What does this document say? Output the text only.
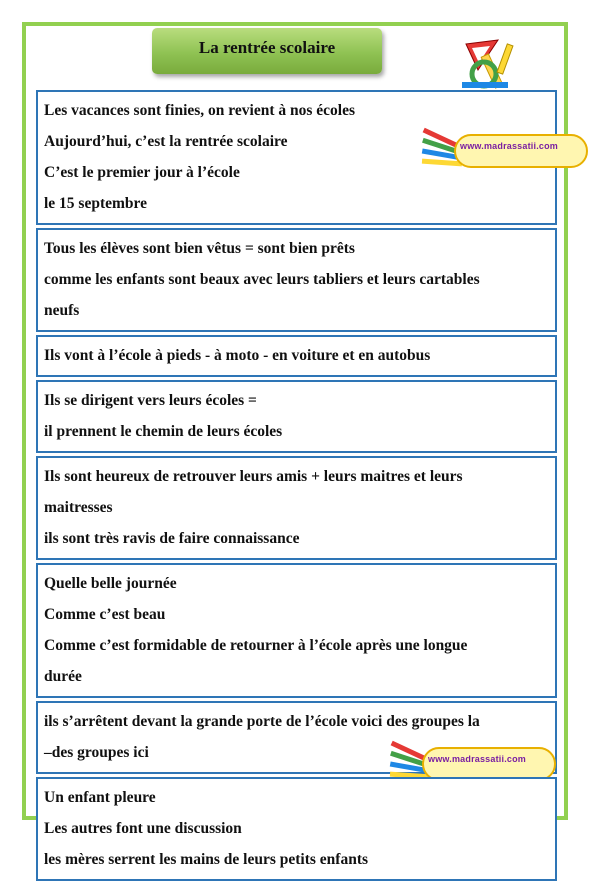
La rentrée scolaire

Les vacances sont finies, on revient à nos écoles

Aujourd’hui, c’est la rentrée scolaire

C’est le premier jour à l’école

le 15 septembre

www.madrassatii.com

Tous les élèves sont bien vêtus = sont bien prêts

comme les enfants sont beaux avec leurs tabliers et leurs cartables

neufs

Ils vont à l’école à pieds - à moto - en voiture et en autobus

Ils se dirigent vers leurs écoles =

il prennent le chemin de leurs écoles

Ils sont heureux de retrouver leurs amis + leurs maitres et leurs

maitresses

ils sont très ravis de faire connaissance

Quelle belle journée

Comme c’est beau

Comme c’est formidable de retourner à l’école après une longue

durée

ils s’arrêtent devant la grande porte de l’école voici des groupes la

–des groupes ici	www.madrassatii.com

Un enfant pleure

Les autres font une discussion

les mères serrent les mains de leurs petits enfants
